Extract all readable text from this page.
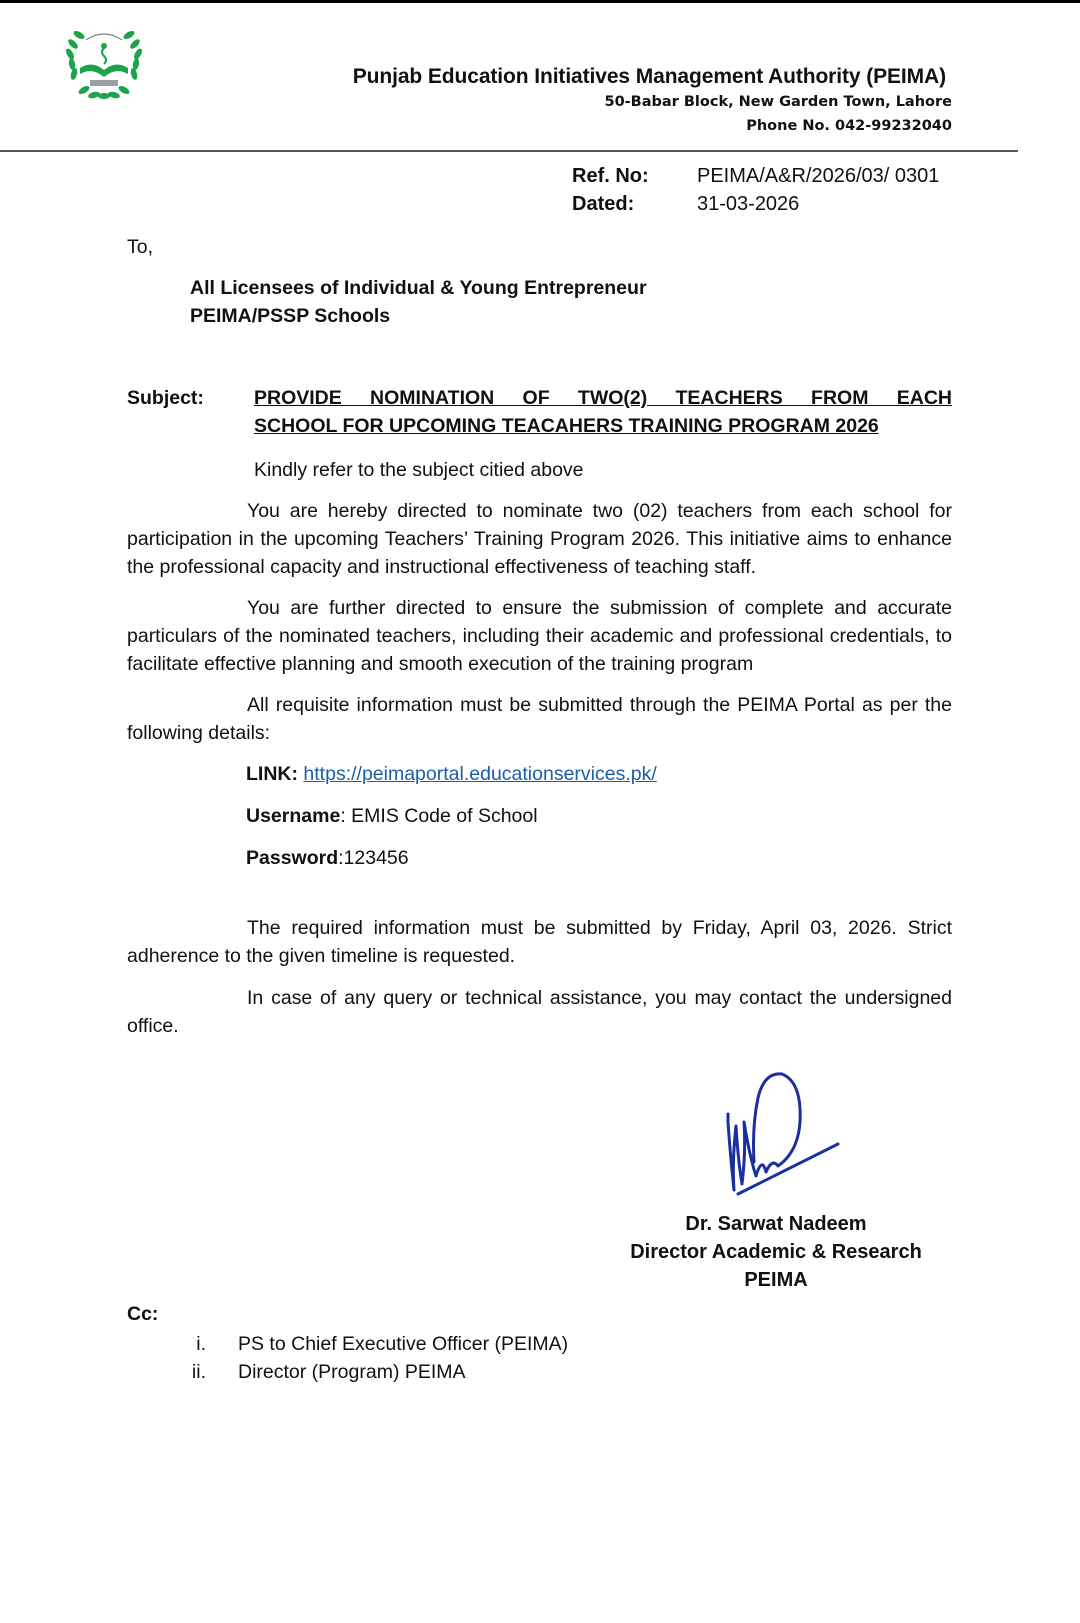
Punjab Education Initiatives Management Authority (PEIMA)
50-Babar Block, New Garden Town, Lahore
Phone No. 042-99232040
Ref. No: PEIMA/A&R/2026/03/ 0301
Dated:	31-03-2026
To,
All Licensees of Individual & Young Entrepreneur
PEIMA/PSSP Schools
Subject:	PROVIDE NOMINATION OF TWO(2) TEACHERS FROM EACH
SCHOOL FOR UPCOMING TEACAHERS TRAINING PROGRAM 2026
Kindly refer to the subject citied above
You are hereby directed to nominate two (02) teachers from each school for participation in the upcoming Teachers’ Training Program 2026. This initiative aims to enhance the professional capacity and instructional effectiveness of teaching staff.
You are further directed to ensure the submission of complete and accurate particulars of the nominated teachers, including their academic and professional credentials, to facilitate effective planning and smooth execution of the training program
All requisite information must be submitted through the PEIMA Portal as per the following details:
LINK: https://peimaportal.educationservices.pk/
Username: EMIS Code of School
Password:123456
The required information must be submitted by Friday, April 03, 2026. Strict adherence to the given timeline is requested.
In case of any query or technical assistance, you may contact the undersigned office.
Dr. Sarwat Nadeem
Director Academic & Research
PEIMA
Cc:
i. PS to Chief Executive Officer (PEIMA)
ii. Director (Program) PEIMA
